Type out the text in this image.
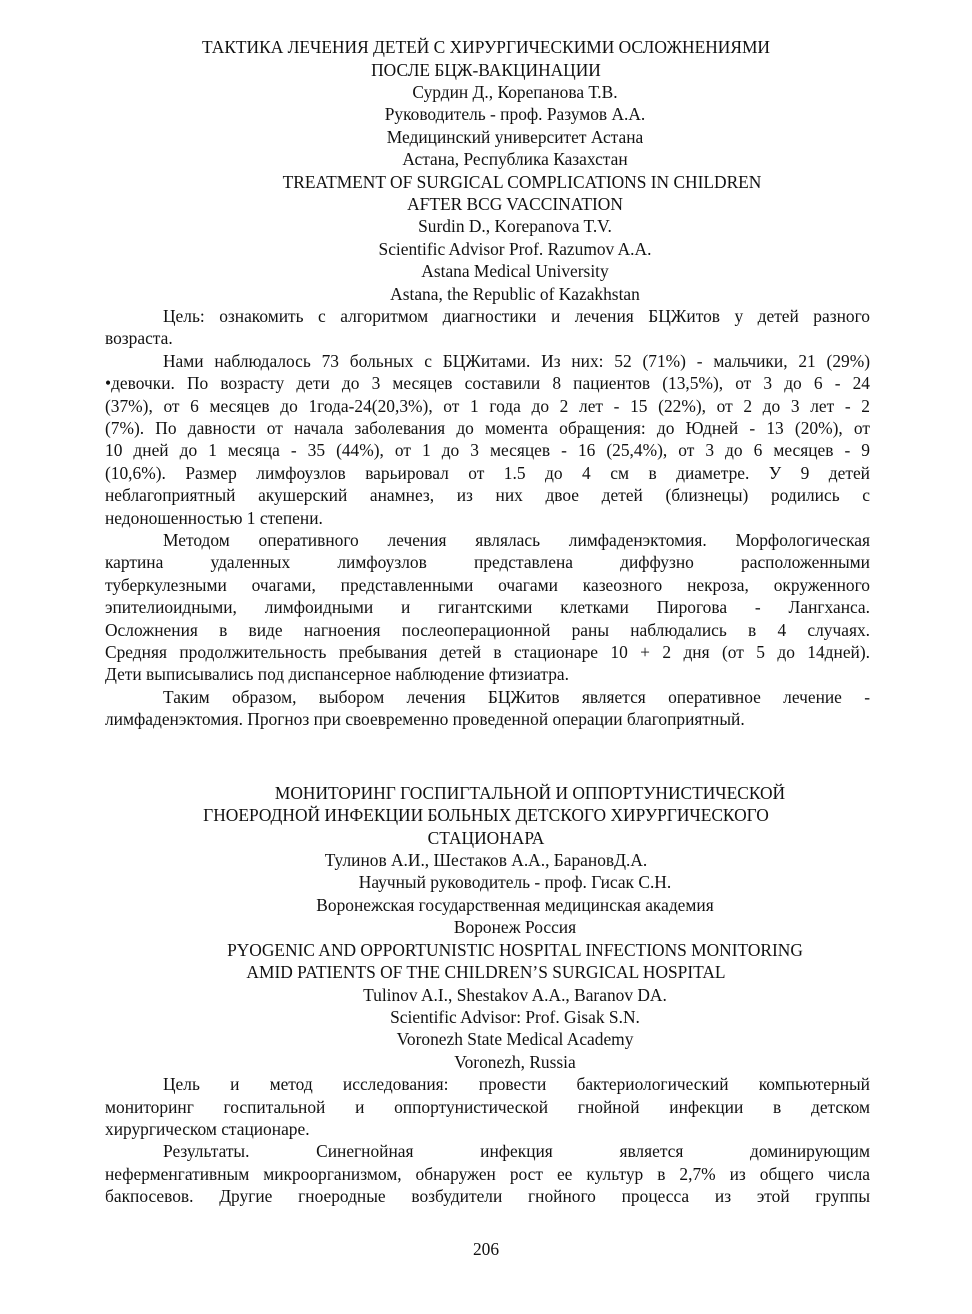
ТАКТИКА ЛЕЧЕНИЯ ДЕТЕЙ С ХИРУРГИЧЕСКИМИ ОСЛОЖНЕНИЯМИ
ПОСЛЕ БЦЖ-ВАКЦИНАЦИИ
Сурдин Д., Корепанова Т.В.
Руководитель - проф. Разумов А.А.
Медицинский университет Астана
Астана, Республика Казахстан
TREATMENT OF SURGICAL COMPLICATIONS IN CHILDREN
AFTER BCG VACCINATION
Surdin D., Korepanova T.V.
Scientific Advisor Prof. Razumov A.A.
Astana Medical University
Astana, the Republic of Kazakhstan
Цель: ознакомить с алгоритмом диагностики и лечения БЦЖитов у детей разного
возраста.
Нами наблюдалось 73 больных с БЦЖитами. Из них: 52 (71%) - мальчики, 21 (29%)
•девочки. По возрасту дети до 3 месяцев составили 8 пациентов (13,5%), от 3 до 6 - 24
(37%), от 6 месяцев до 1года-24(20,3%), от 1 года до 2 лет - 15 (22%), от 2 до 3 лет - 2
(7%). По давности от начала заболевания до момента обращения: до Юдней - 13 (20%), от
10 дней до 1 месяца - 35 (44%), от 1 до 3 месяцев - 16 (25,4%), от 3 до 6 месяцев - 9
(10,6%). Размер лимфоузлов варьировал от 1.5 до 4 см в диаметре. У 9 детей
неблагоприятный акушерский анамнез, из них двое детей (близнецы) родились с
недоношенностью 1 степени.
Методом оперативного лечения являлась лимфаденэктомия. Морфологическая
картина удаленных лимфоузлов представлена диффузно расположенными
туберкулезными очагами, представленными очагами казеозного некроза, окруженного
эпителиоидными, лимфоидными и гигантскими клетками Пирогова - Лангханса.
Осложнения в виде нагноения послеоперационной раны наблюдались в 4 случаях.
Средняя продолжительность пребывания детей в стационаре 10 + 2 дня (от 5 до 14дней).
Дети выписывались под диспансерное наблюдение фтизиатра.
Таким образом, выбором лечения БЦЖитов является оперативное лечение -
лимфаденэктомия. Прогноз при своевременно проведенной операции благоприятный.
МОНИТОРИНГ ГОСПИГТАЛЬНОЙ И ОППОРТУНИСТИЧЕСКОЙ
ГНОЕРОДНОЙ ИНФЕКЦИИ БОЛЬНЫХ ДЕТСКОГО ХИРУРГИЧЕСКОГО
СТАЦИОНАРА
Тулинов А.И., Шестаков А.А., БарановД.А.
Научный руководитель - проф. Гисак С.Н.
Воронежская государственная медицинская академия
Воронеж Россия
PYOGENIC AND OPPORTUNISTIC HOSPITAL INFECTIONS MONITORING
AMID PATIENTS OF THE CHILDREN’S SURGICAL HOSPITAL
Tulinov A.I., Shestakov A.A., Baranov DA.
Scientific Advisor: Prof. Gisak S.N.
Voronezh State Medical Academy
Voronezh, Russia
Цель и метод исследования: провести бактериологический компьютерный
мониторинг госпитальной и оппортунистической гнойной инфекции в детском
хирургическом стационаре.
Результаты. Синегнойная инфекция является доминирующим
неферменгативным микроорганизмом, обнаружен рост ее культур в 2,7% из общего числа
бакпосевов. Другие гноеродные возбудители гнойного процесса из этой группы
206
